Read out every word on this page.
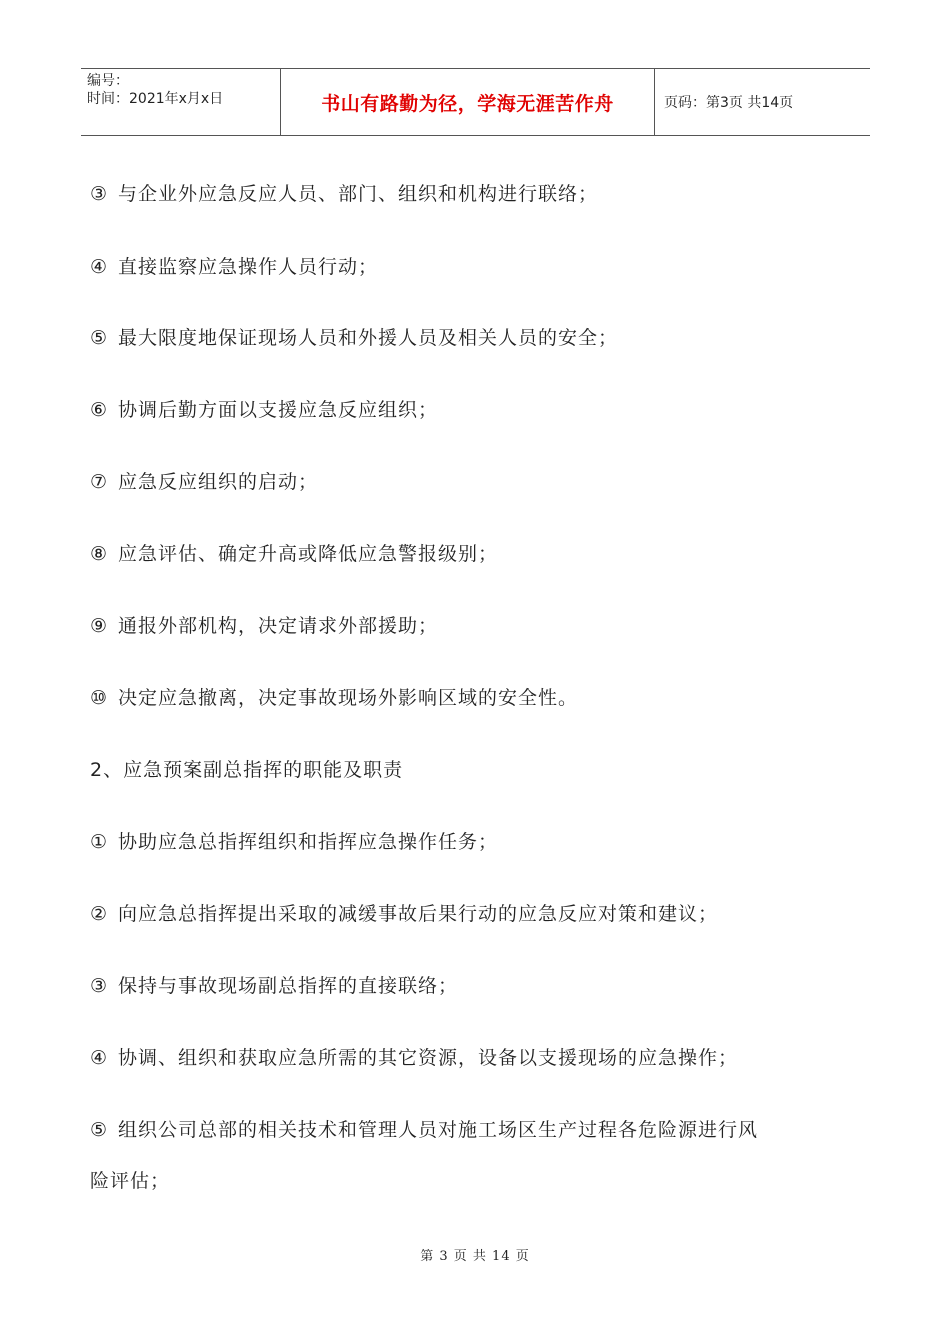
编号：
时间：2021年x月x日	书山有路勤为径，学海无涯苦作舟	页码：第3页 共14页
③ 与企业外应急反应人员、部门、组织和机构进行联络；
④ 直接监察应急操作人员行动；
⑤ 最大限度地保证现场人员和外援人员及相关人员的安全；
⑥ 协调后勤方面以支援应急反应组织；
⑦ 应急反应组织的启动；
⑧ 应急评估、确定升高或降低应急警报级别；
⑨ 通报外部机构，决定请求外部援助；
⑩ 决定应急撤离，决定事故现场外影响区域的安全性。
2、应急预案副总指挥的职能及职责
① 协助应急总指挥组织和指挥应急操作任务；
② 向应急总指挥提出采取的减缓事故后果行动的应急反应对策和建议；
③ 保持与事故现场副总指挥的直接联络；
④ 协调、组织和获取应急所需的其它资源，设备以支援现场的应急操作；
⑤ 组织公司总部的相关技术和管理人员对施工场区生产过程各危险源进行风
险评估；
第 3 页 共 14 页
